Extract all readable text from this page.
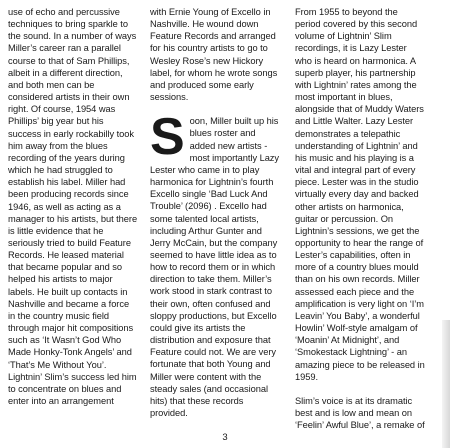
use of echo and percussive techniques to bring sparkle to the sound. In a number of ways Miller’s career ran a parallel course to that of Sam Phillips, albeit in a different direction, and both men can be considered artists in their own right. Of course, 1954 was Phillips’ big year but his success in early rockabilly took him away from the blues recording of the years during which he had struggled to establish his label. Miller had been producing records since 1946, as well as acting as a manager to his artists, but there is little evidence that he seriously tried to build Feature Records. He leased material that became popular and so helped his artists to major labels. He built up contacts in Nashville and became a force in the country music field through major hit compositions such as ‘It Wasn’t God Who Made Honky-Tonk Angels’ and ‘That’s Me Without You’. Lightnin’ Slim’s success led him to concentrate on blues and enter into an arrangement

with Ernie Young of Excello in Nashville. He wound down Feature Records and arranged for his country artists to go to Wesley Rose’s new Hickory label, for whom he wrote songs and produced some early sessions.

Soon, Miller built up his blues roster and added new artists - most importantly Lazy Lester who came in to play harmonica for Lightnin’s fourth Excello single ‘Bad Luck And Trouble’ (2096) . Excello had some talented local artists, including Arthur Gunter and Jerry McCain, but the company seemed to have little idea as to how to record them or in which direction to take them. Miller’s work stood in stark contrast to their own, often confused and sloppy productions, but Excello could give its artists the distribution and exposure that Feature could not. We are very fortunate that both Young and Miller were content with the steady sales (and occasional hits) that these records provided.

From 1955 to beyond the period covered by this second volume of Lightnin’ Slim recordings, it is Lazy Lester who is heard on harmonica. A superb player, his partnership with Lightnin’ rates among the most important in blues, alongside that of Muddy Waters and Little Walter. Lazy Lester demonstrates a telepathic understanding of Lightnin’ and his music and his playing is a vital and integral part of every piece. Lester was in the studio virtually every day and backed other artists on harmonica, guitar or percussion. On Lightnin’s sessions, we get the opportunity to hear the range of Lester’s capabilities, often in more of a country blues mould than on his own records. Miller assessed each piece and the amplification is very light on ‘I’m Leavin’ You Baby’, a wonderful Howlin’ Wolf-style amalgam of ‘Moanin’ At Midnight’, and ‘Smokestack Lightning’ - an amazing piece to be released in 1959.

Slim’s voice is at its dramatic best and is low and mean on ‘Feelin’ Awful Blue’, a remake of

3
